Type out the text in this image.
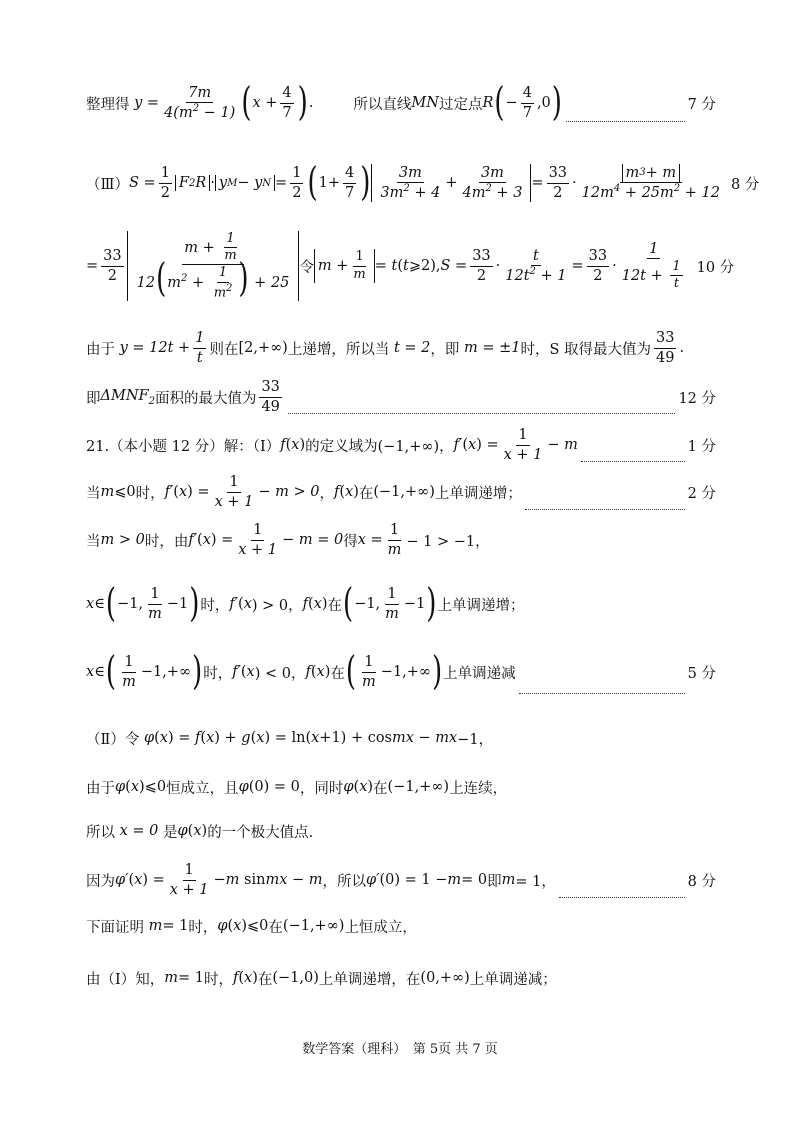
整理得 $y = \frac{7m}{4(m^2 - 1)}$ ( $x + \frac{4}{7}$ ) .	所以直线 MN 过定点 R ( − $\frac{4}{7} ,0$ )	7 分
（Ⅲ） $S = \frac{1}{2}$ F 2 R · y M − y $N = \frac{1}{2}$ ( $1+ \frac{4}{7}$ ) $\frac{3m}{3m^2 + 4} + \frac{3m}{4m^2 + 3} = \frac{33}{2} \cdot \frac{m 3 + m}{12m^4 + 25m^2 + 12} 8$ 分
= $\frac{33}{2} \frac{m + \frac{1}{m}}{12(m^2 + \frac{1}{m^2} ) + 25}$ 令 $m + \frac{1}{m} = t$ ( t ⩾2), $S = \frac{33}{2} \cdot \frac{t}{12t^2 + 1} = \frac{33}{2} \cdot \frac{1}{12t + \frac{1}{t}} 10$ 分
由于 $y = 12t + \frac{1}{t}$ 则在 [2,+∞) 上递增，所以当 t = 2 ，即 m = ±1 时，S 取得最大值为 $\frac{33}{49}$ .
即 $\Delta MNF_2$ 面积的最大值为 $\frac{33}{49}$	12 分
21.（本小题 12 分）解：（Ⅰ） f ( x ) 的定义域为 (−1,+∞)， f′ ( x ) = $\frac{1}{x + 1} - m$	1 分
当 m ⩽0 时， f′ ( x ) = $\frac{1}{x + 1} - m > 0$ ， f ( x ) 在 (−1,+∞) 上单调递增；	2 分
当 m > 0 时，由 f′ ( x ) = $\frac{1}{x + 1} - m = 0$ 得 $x = \frac{1}{m} - 1 > -1$，
x ∈ ( −1, $\frac{1}{m} -1$ ) 时， f′ ( x ) > 0， f ( x ) 在 ( −1, $\frac{1}{m} -1$ ) 上单调递增；
x ∈ ( $\frac{1}{m} -1,+\infty$ ) 时， f′ ( x ) < 0， f ( x ) 在 ( $\frac{1}{m} -1,+\infty$ ) 上单调递减	5 分
（Ⅱ）令 φ ( x ) = f ( x ) + g ( x ) = ln( x +1) + cos mx − mx −1，
由于 φ ( x )⩽0 恒成立，且 φ (0) = 0 ，同时 φ ( x ) 在 (−1,+∞) 上连续，
所以 x = 0 是 φ ( x ) 的一个极大值点.
因为 φ′ ( x ) = $\frac{1}{x + 1} - m$ sin mx − m ，所以 φ′ (0) = 1 − m = 0 即 m = 1，	8 分
下面证明 m = 1 时， φ ( x )⩽0 在 (−1,+∞) 上恒成立，
由（Ⅰ）知， m = 1 时， f ( x ) 在 (−1,0) 上单调递增，在 (0,+∞) 上单调递减；
数学答案（理科）　第 5页 共 7 页
